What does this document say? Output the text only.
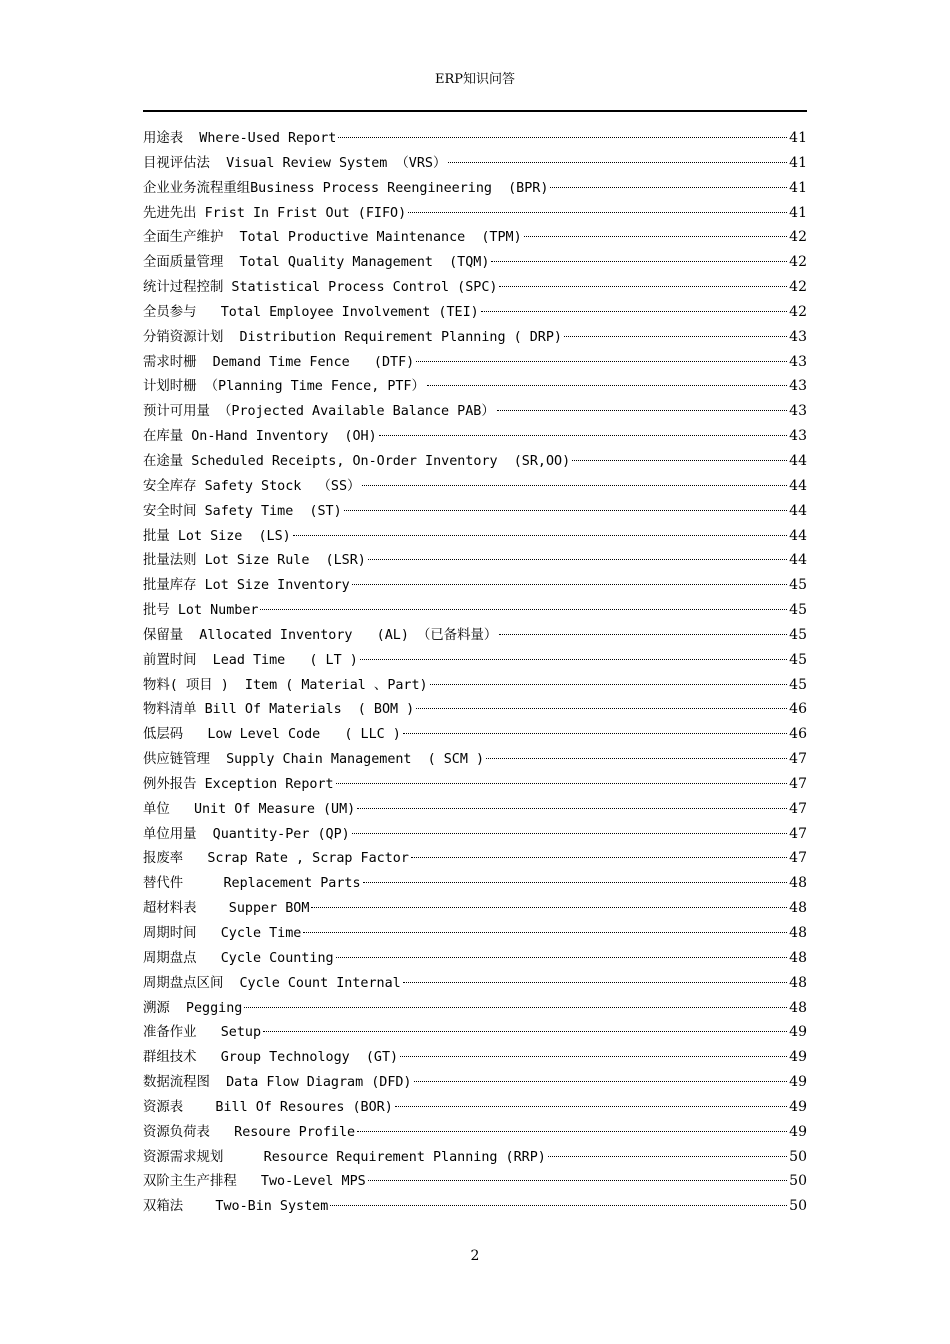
ERP知识问答
用途表  Where-Used Report	41
目视评估法  Visual Review System （VRS）	41
企业业务流程重组Business Process Reengineering  (BPR)	41
先进先出 Frist In Frist Out (FIFO)	41
全面生产维护  Total Productive Maintenance  (TPM)	42
全面质量管理  Total Quality Management  (TQM)	42
统计过程控制 Statistical Process Control (SPC)	42
全员参与   Total Employee Involvement (TEI)	42
分销资源计划  Distribution Requirement Planning ( DRP)	43
需求时栅  Demand Time Fence   (DTF)	43
计划时栅 （Planning Time Fence, PTF）	43
预计可用量 （Projected Available Balance PAB）	43
在库量 On-Hand Inventory  (OH)	43
在途量 Scheduled Receipts, On-Order Inventory  (SR,OO)	44
安全库存 Safety Stock  （SS）	44
安全时间 Safety Time  (ST)	44
批量 Lot Size  (LS)	44
批量法则 Lot Size Rule  (LSR)	44
批量库存 Lot Size Inventory	45
批号 Lot Number	45
保留量  Allocated Inventory   (AL) （已备料量）	45
前置时间  Lead Time   ( LT )	45
物料( 项目 )  Item ( Material 、Part)	45
物料清单 Bill Of Materials  ( BOM )	46
低层码   Low Level Code   ( LLC )	46
供应链管理  Supply Chain Management  ( SCM )	47
例外报告 Exception Report	47
单位   Unit Of Measure (UM)	47
单位用量  Quantity-Per (QP)	47
报废率   Scrap Rate , Scrap Factor	47
替代件     Replacement Parts	48
超材料表    Supper BOM	48
周期时间   Cycle Time	48
周期盘点   Cycle Counting	48
周期盘点区间  Cycle Count Internal	48
溯源  Pegging	48
准备作业   Setup	49
群组技术   Group Technology  (GT)	49
数据流程图  Data Flow Diagram (DFD)	49
资源表    Bill Of Resoures (BOR)	49
资源负荷表   Resoure Profile	49
资源需求规划     Resource Requirement Planning (RRP)	50
双阶主生产排程   Two-Level MPS	50
双箱法    Two-Bin System	50
2
